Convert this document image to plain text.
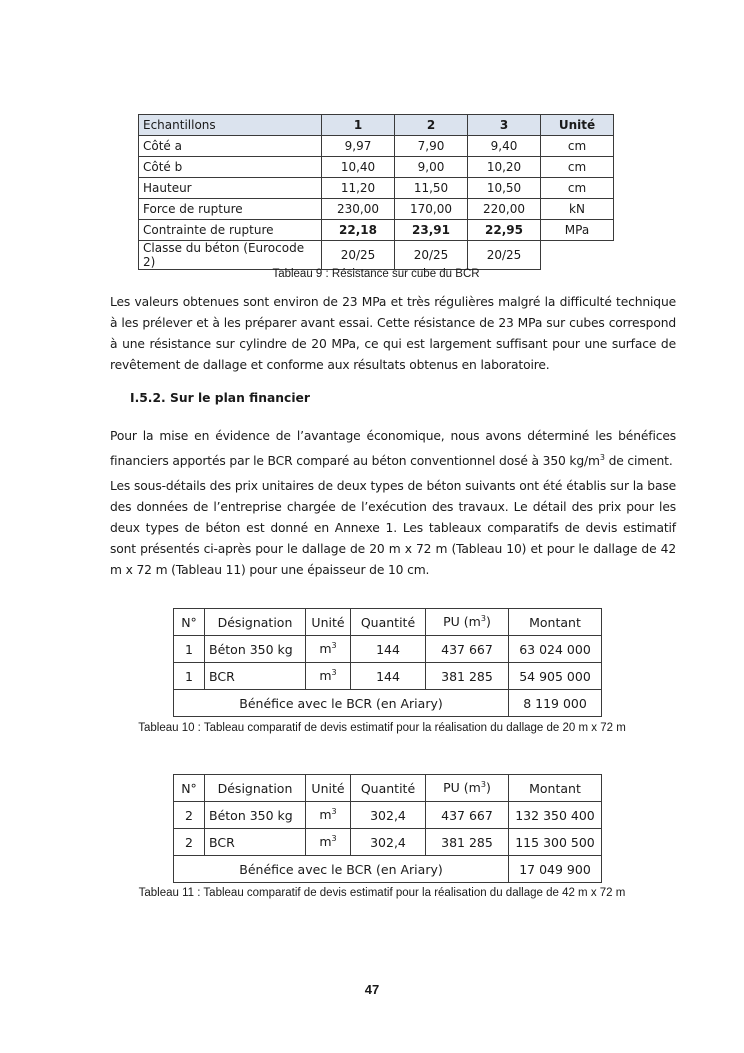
Echantillons	1	2	3	Unité
Côté a	9,97	7,90	9,40	cm
Côté b	10,40	9,00	10,20	cm
Hauteur	11,20	11,50	10,50	cm
Force de rupture	230,00	170,00	220,00	kN
Contrainte de rupture	22,18	23,91	22,95	MPa
Classe du béton (Eurocode 2)	20/25	20/25	20/25	
Tableau 9 : Résistance sur cube du BCR
Les valeurs obtenues sont environ de 23 MPa et très régulières malgré la difficulté technique à les prélever et à les préparer avant essai. Cette résistance de 23 MPa sur cubes correspond à une résistance sur cylindre de 20 MPa, ce qui est largement suffisant pour une surface de revêtement de dallage et conforme aux résultats obtenus en laboratoire.
I.5.2. Sur le plan financier
Pour la mise en évidence de l’avantage économique, nous avons déterminé les bénéfices financiers apportés par le BCR comparé au béton conventionnel dosé à 350 $kg/m^3$ de ciment.
Les sous-détails des prix unitaires de deux types de béton suivants ont été établis sur la base des données de l’entreprise chargée de l’exécution des travaux. Le détail des prix pour les deux types de béton est donné en Annexe 1. Les tableaux comparatifs de devis estimatif sont présentés ci-après pour le dallage de 20 m x 72 m (Tableau 10) et pour le dallage de 42 m x 72 m (Tableau 11) pour une épaisseur de 10 cm.
N°	Désignation	Unité	Quantité	PU $(m^3)$	Montant
1	Béton 350 kg	$m^3$	144	437 667	63 024 000
1	BCR	$m^3$	144	381 285	54 905 000
Bénéfice avec le BCR (en Ariary)					8 119 000
Tableau 10 : Tableau comparatif de devis estimatif pour la réalisation du dallage de 20 m x 72 m
N°	Désignation	Unité	Quantité	PU $(m^3)$	Montant
2	Béton 350 kg	$m^3$	302,4	437 667	132 350 400
2	BCR	$m^3$	302,4	381 285	115 300 500
Bénéfice avec le BCR (en Ariary)					17 049 900
Tableau 11 : Tableau comparatif de devis estimatif pour la réalisation du dallage de 42 m x 72 m
47
